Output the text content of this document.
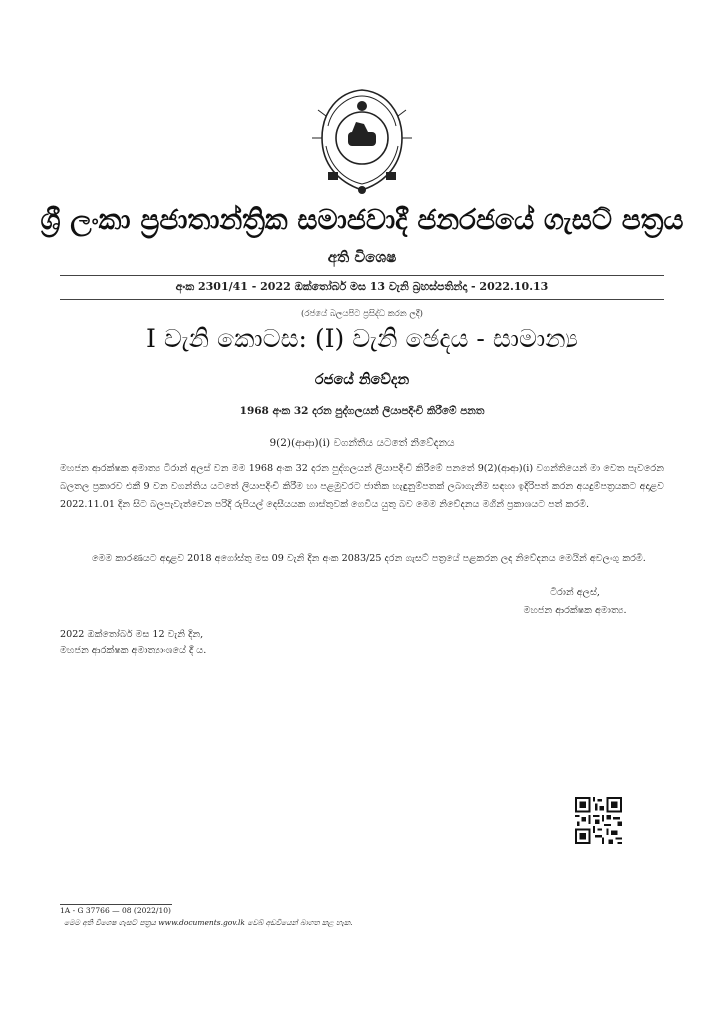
ශ්‍රී ලංකා ප්‍රජාතාන්ත්‍රික සමාජවාදී ජනරජයේ ගැසට් පත්‍රය
අති විශෙෂ
අංක 2301/41 - 2022 ඔක්තෝබර් මස 13 වැනි බ්‍රහස්පතින්දා - 2022.10.13
(රජයේ බලයපිට ප්‍රසිද්ධ කරන ලදී)
I වැනි කොටස: (I) වැනි ඡෙදය - සාමාන්‍ය
රජයේ නිවේදන
1968 අංක 32 දරන පුද්ගලයන් ලියාපදිංචි කිරීමේ පනත
9(2)(ආආ)(i) වගන්තිය යටතේ නිවේදනය
මහජන ආරක්ෂක අමාත්‍ය ටිරාන් අලස් වන මම 1968 අංක 32 දරන පුද්ගලයන් ලියාපදිංචි කිරීමේ පනතේ 9(2)(ආආ)(i) වගන්තියෙන් මා වෙත පැවරෙන බලතල ප්‍රකාරව එකී 9 වන වගන්තිය යටතේ ලියාපදිංචි කිරීම හා පළමුවරට ජාතික හැඳුනුම්පතක් ලබාගැනීම සඳහා ඉදිරිපත් කරන අයදුම්පත්‍රයකට අදාළව 2022.11.01 දින සිට බලපැවැත්වෙන පරිදි රුපියල් දෙසීයයක ගාස්තුවක් ගෙවිය යුතු බව මෙම නිවේදනය මගින් ප්‍රකාශයට පත් කරමි.
මෙම කාරණයට අදාළව 2018 අගෝස්තු මස 09 වැනි දින අංක 2083/25 දරන ගැසට් පත්‍රයේ පළකරන ලද නිවේදනය මෙයින් අවලංගු කරමි.
ටිරාන් අලස්,
මහජන ආරක්ෂක අමාත්‍ය.
2022 ඔක්තෝබර් මස 12 වැනි දින,
මහජන ආරක්ෂක අමාත්‍යාංශයේ දී ය.
1A - G 37766 — 08 (2022/10)
මෙම අති විශෙෂ ගැසට් පත්‍රය www.documents.gov.lk වෙබ් අඩවියෙන් බාගත කළ හැක.
